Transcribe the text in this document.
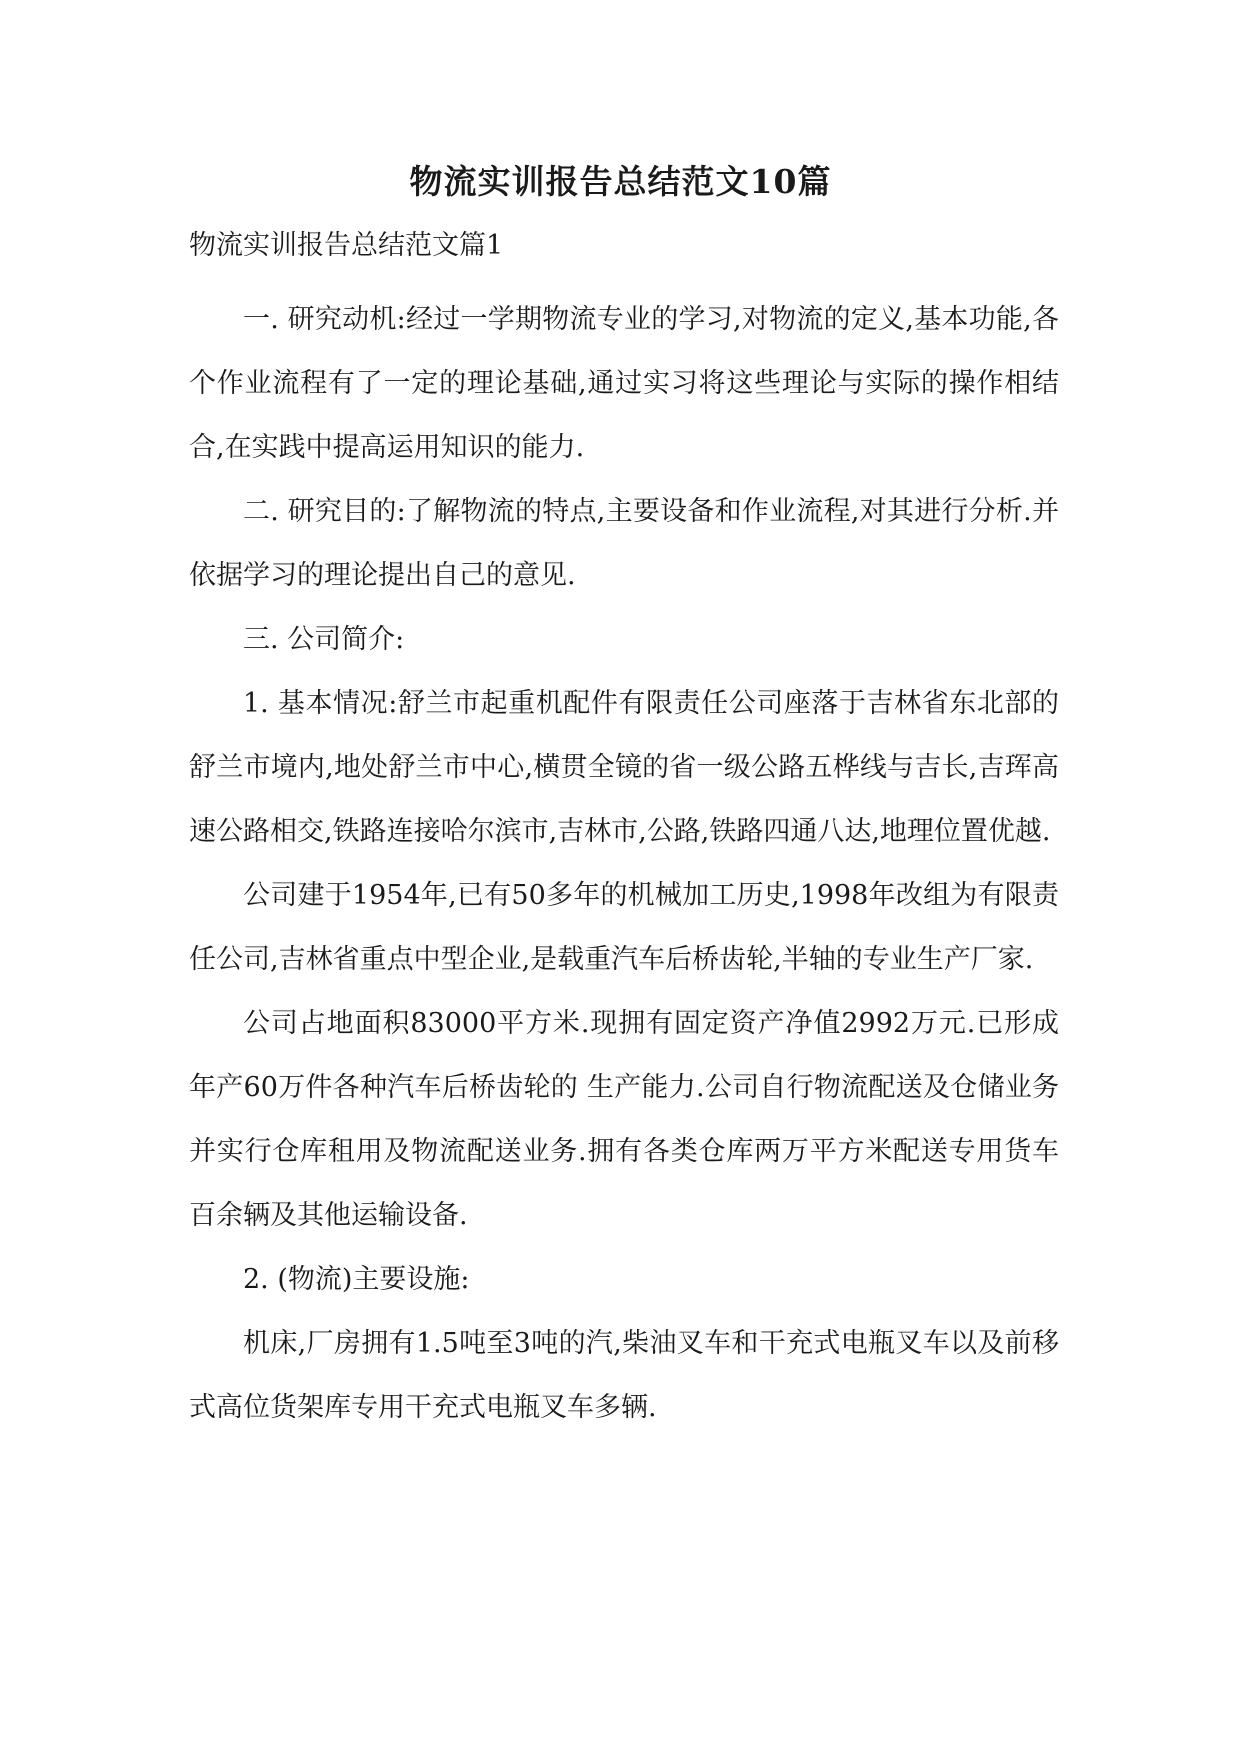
物流实训报告总结范文10篇
物流实训报告总结范文篇1

一. 研究动机:经过一学期物流专业的学习,对物流的定义,基本功能,各个作业流程有了一定的理论基础,通过实习将这些理论与实际的操作相结合,在实践中提高运用知识的能力.

二. 研究目的:了解物流的特点,主要设备和作业流程,对其进行分析.并依据学习的理论提出自己的意见.

三. 公司简介:

1. 基本情况:舒兰市起重机配件有限责任公司座落于吉林省东北部的舒兰市境内,地处舒兰市中心,横贯全镜的省一级公路五桦线与吉长,吉珲高速公路相交,铁路连接哈尔滨市,吉林市,公路,铁路四通八达,地理位置优越.

公司建于1954年,已有50多年的机械加工历史,1998年改组为有限责任公司,吉林省重点中型企业,是载重汽车后桥齿轮,半轴的专业生产厂家.

公司占地面积83000平方米.现拥有固定资产净值2992万元.已形成年产60万件各种汽车后桥齿轮的 生产能力.公司自行物流配送及仓储业务并实行仓库租用及物流配送业务.拥有各类仓库两万平方米配送专用货车百余辆及其他运输设备.

2. (物流)主要设施:

机床,厂房拥有1.5吨至3吨的汽,柴油叉车和干充式电瓶叉车以及前移式高位货架库专用干充式电瓶叉车多辆.
